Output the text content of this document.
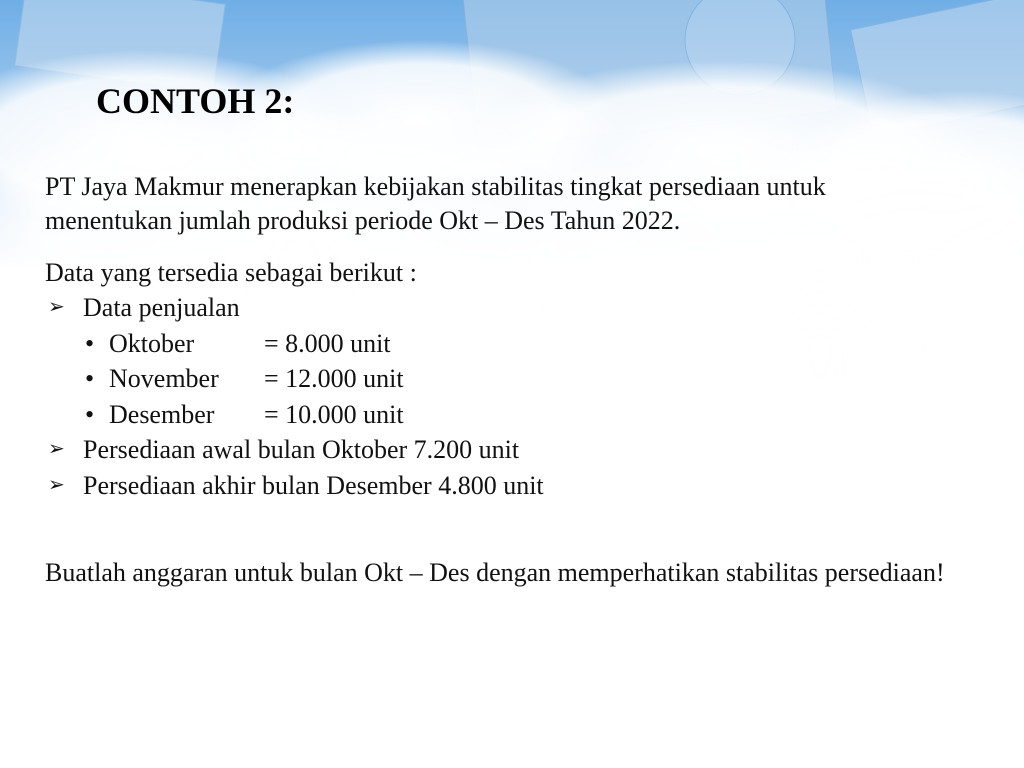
CONTOH 2:

PT Jaya Makmur menerapkan kebijakan stabilitas tingkat persediaan untuk menentukan jumlah produksi periode Okt – Des Tahun 2022.

Data yang tersedia sebagai berikut :

➢ Data penjualan
• Oktober	= 8.000 unit
• November = 12.000 unit
• Desember = 10.000 unit
➢ Persediaan awal bulan Oktober 7.200 unit
➢ Persediaan akhir bulan Desember 4.800 unit

Buatlah anggaran untuk bulan Okt – Des dengan memperhatikan stabilitas persediaan!
